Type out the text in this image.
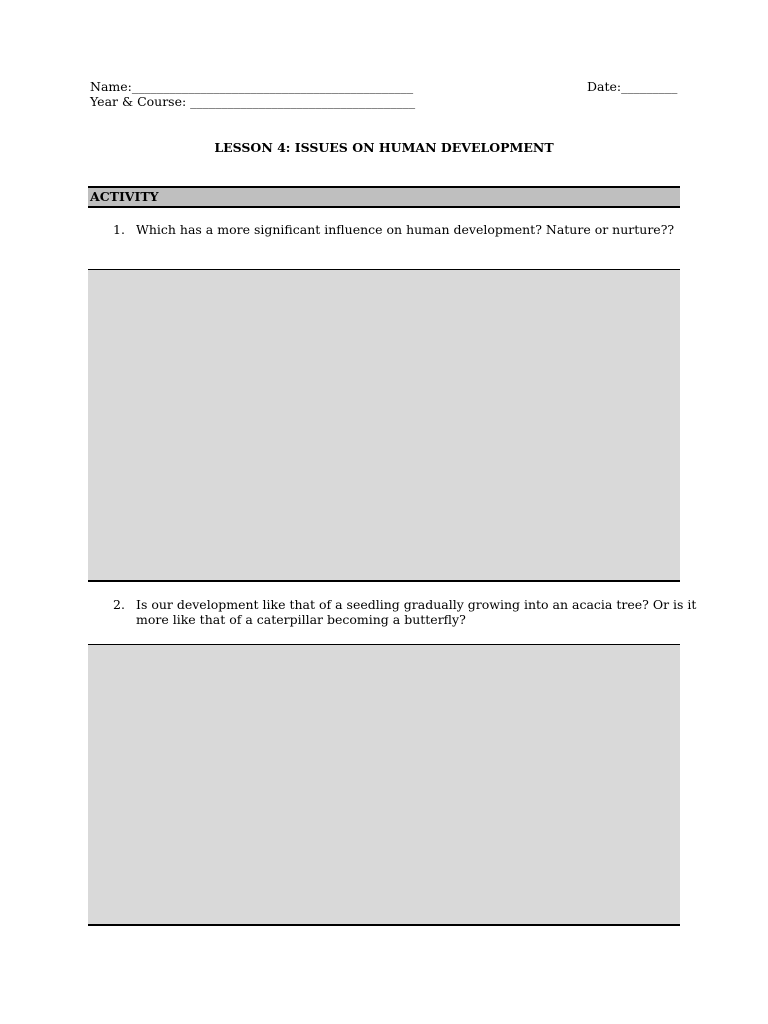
Name:_____________________________________________
Year & Course: ____________________________________
Date:_________
LESSON 4: ISSUES ON HUMAN DEVELOPMENT
ACTIVITY
1. Which has a more significant influence on human development? Nature or nurture??
2. Is our development like that of a seedling gradually growing into an acacia tree? Or is it more like that of a caterpillar becoming a butterfly?
